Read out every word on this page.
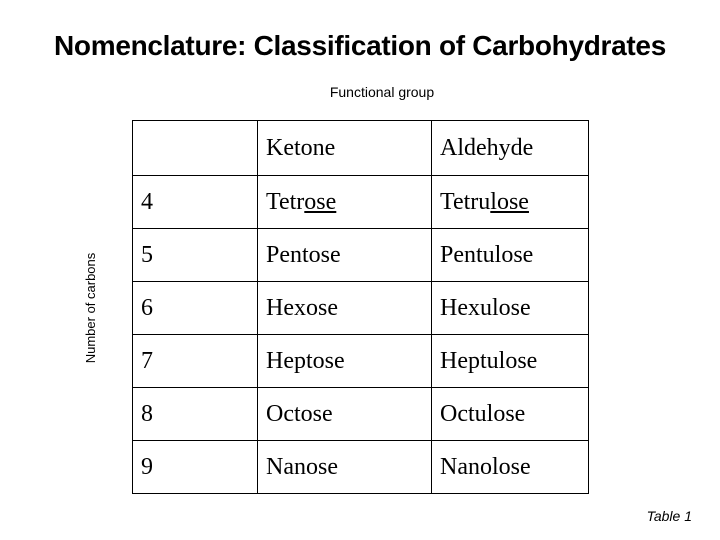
Nomenclature: Classification of Carbohydrates
Functional group
Number of carbons
	Ketone	Aldehyde
4	Tetrose	Tetrulose
5	Pentose	Pentulose
6	Hexose	Hexulose
7	Heptose	Heptulose
8	Octose	Octulose
9	Nanose	Nanolose
Table 1
